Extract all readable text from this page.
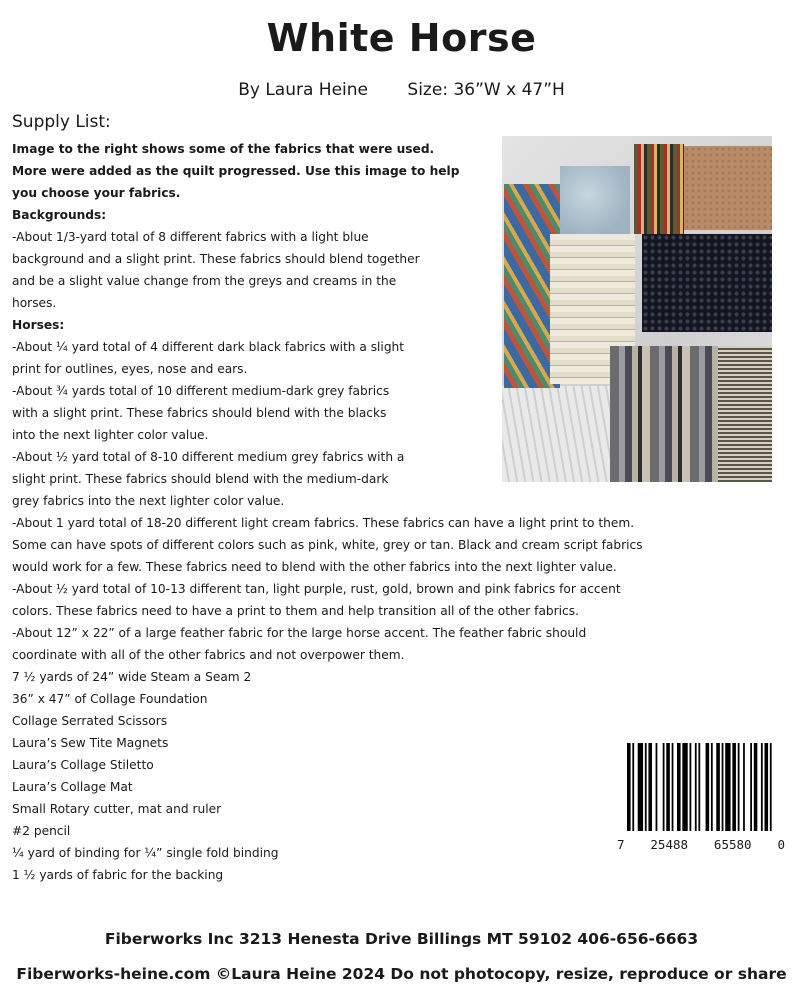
White Horse
By Laura Heine Size: 36”W x 47”H
Supply List:
Image to the right shows some of the fabrics that were used.
More were added as the quilt progressed. Use this image to help
you choose your fabrics.
Backgrounds:
-About 1/3-yard total of 8 different fabrics with a light blue
background and a slight print. These fabrics should blend together
and be a slight value change from the greys and creams in the
horses.
Horses:
-About ¼ yard total of 4 different dark black fabrics with a slight
print for outlines, eyes, nose and ears.
-About ¾ yards total of 10 different medium-dark grey fabrics
with a slight print. These fabrics should blend with the blacks
into the next lighter color value.
-About ½ yard total of 8-10 different medium grey fabrics with a
slight print. These fabrics should blend with the medium-dark
grey fabrics into the next lighter color value.
-About 1 yard total of 18-20 different light cream fabrics. These fabrics can have a light print to them.
Some can have spots of different colors such as pink, white, grey or tan. Black and cream script fabrics
would work for a few. These fabrics need to blend with the other fabrics into the next lighter value.
-About ½ yard total of 10-13 different tan, light purple, rust, gold, brown and pink fabrics for accent
colors. These fabrics need to have a print to them and help transition all of the other fabrics.
-About 12” x 22” of a large feather fabric for the large horse accent. The feather fabric should
coordinate with all of the other fabrics and not overpower them.
7 ½ yards of 24” wide Steam a Seam 2
36” x 47” of Collage Foundation
Collage Serrated Scissors
Laura’s Sew Tite Magnets
Laura’s Collage Stiletto
Laura’s Collage Mat
Small Rotary cutter, mat and ruler
#2 pencil
¼ yard of binding for ¼” single fold binding
1 ½ yards of fabric for the backing
7 25488 65580 0
Fiberworks Inc 3213 Henesta Drive Billings MT 59102 406-656-6663
Fiberworks-heine.com ©Laura Heine 2024 Do not photocopy, resize, reproduce or share
